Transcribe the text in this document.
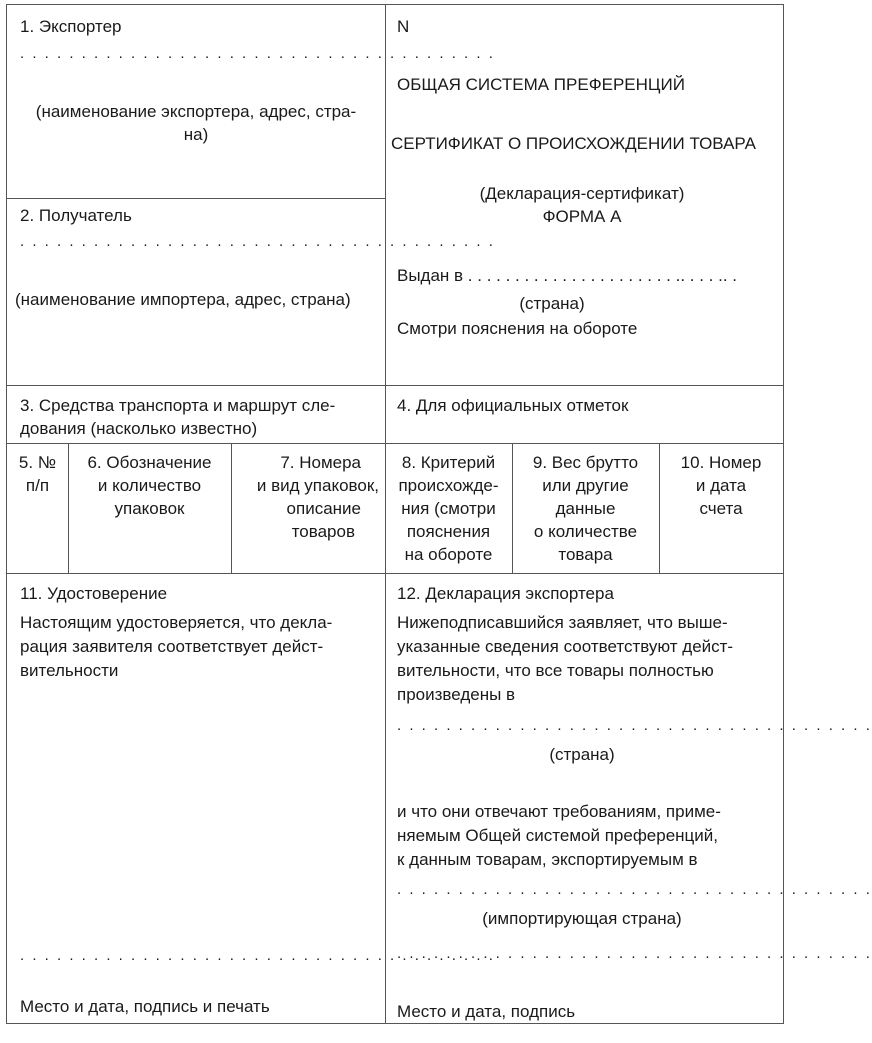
1. Экспортер
. . . . . . . . . . . . . . . . . . . . . . . . . . . . . . . . . . . . . . .
(наименование экспортера, адрес, стра-
на)
2. Получатель
. . . . . . . . . . . . . . . . . . . . . . . . . . . . . . . . . . . . . . .
(наименование импортера, адрес, страна)
N
ОБЩАЯ СИСТЕМА ПРЕФЕРЕНЦИЙ
СЕРТИФИКАТ О ПРОИСХОЖДЕНИИ ТОВАРА
(Декларация-сертификат)
ФОРМА А
Выдан в . . . . . . . . . . . . . . . . . . . . . . .. . . . .. .
(страна)
Смотри пояснения на обороте
3. Средства транспорта и маршрут сле-
дования (насколько известно)
4. Для официальных отметок
5. №
п/п
6. Обозначение
и количество
упаковок
7. Номера
и вид упаковок,
описание
товаров
8. Критерий
происхожде-
ния (смотри
пояснения
на обороте
9. Вес брутто
или другие
данные
о количестве
товара
10. Номер
и дата
счета
11. Удостоверение
Настоящим удостоверяется, что декла-
рация заявителя соответствует дейст-
вительности
. . . . . . . . . . . . . . . . . . . . . . . . . . . . . . . . . . . . . . .
Место и дата, подпись и печать
12. Декларация экспортера
Нижеподписавшийся заявляет, что выше-
указанные сведения соответствуют дейст-
вительности, что все товары полностью
произведены в
. . . . . . . . . . . . . . . . . . . . . . . . . . . . . . . . . . . . . . .
(страна)
и что они отвечают требованиям, приме-
няемым Общей системой преференций,
к данным товарам, экспортируемым в
. . . . . . . . . . . . . . . . . . . . . . . . . . . . . . . . . . . . . . .
(импортирующая страна)
. . . . . . . . . . . . . . . . . . . . . . . . . . . . . . . . . . . . . . .
Место и дата, подпись
